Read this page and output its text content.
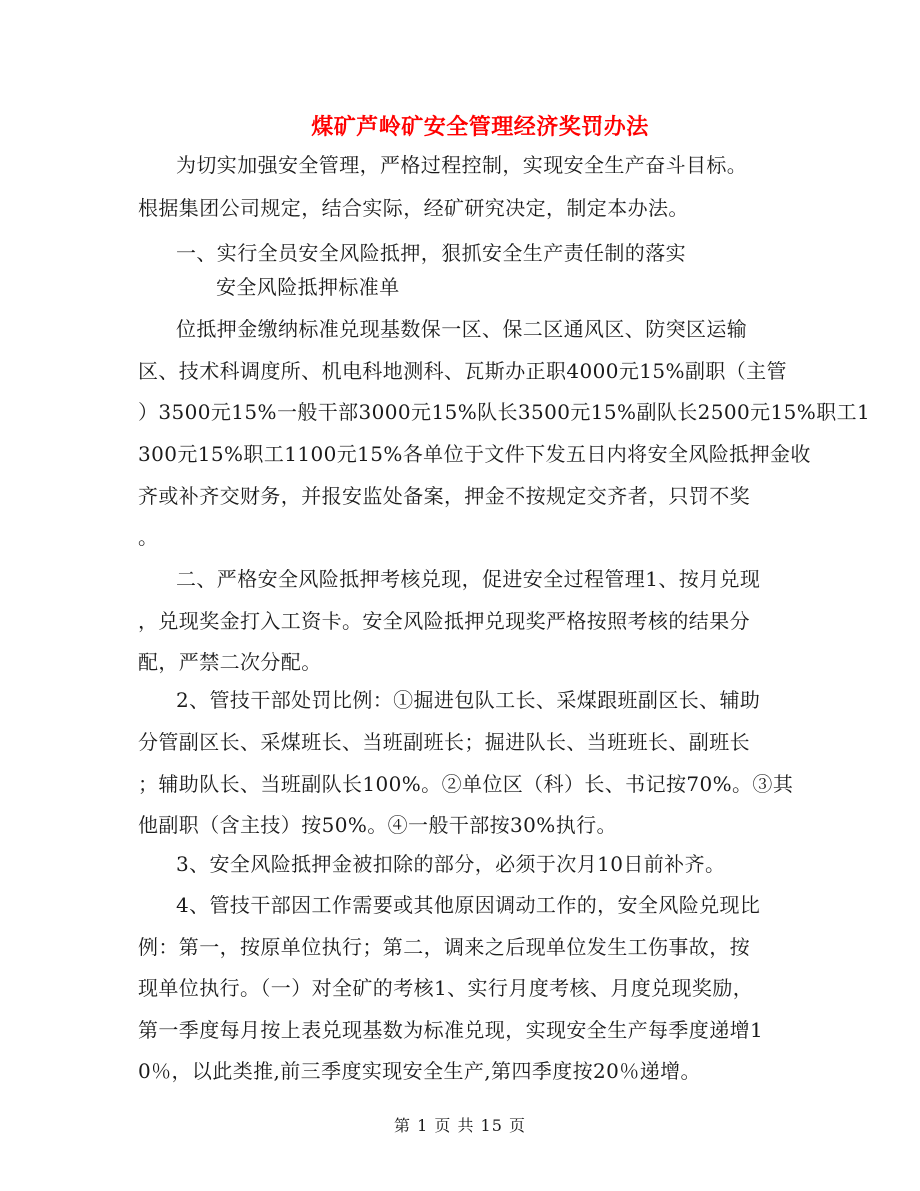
煤矿芦岭矿安全管理经济奖罚办法

为切实加强安全管理，严格过程控制，实现安全生产奋斗目标。

根据集团公司规定，结合实际，经矿研究决定，制定本办法。

一、实行全员安全风险抵押，狠抓安全生产责任制的落实

安全风险抵押标准单

位抵押金缴纳标准兑现基数保一区、保二区通风区、防突区运输

区、技术科调度所、机电科地测科、瓦斯办正职4000元15%副职（主管

）3500元15%一般干部3000元15%队长3500元15%副队长2500元15%职工1

300元15%职工1100元15%各单位于文件下发五日内将安全风险抵押金收

齐或补齐交财务，并报安监处备案，押金不按规定交齐者，只罚不奖

。

二、严格安全风险抵押考核兑现，促进安全过程管理1、按月兑现

，兑现奖金打入工资卡。安全风险抵押兑现奖严格按照考核的结果分

配，严禁二次分配。

2、管技干部处罚比例：①掘进包队工长、采煤跟班副区长、辅助

分管副区长、采煤班长、当班副班长；掘进队长、当班班长、副班长

；辅助队长、当班副队长100%。②单位区（科）长、书记按70%。③其

他副职（含主技）按50%。④一般干部按30%执行。

3、安全风险抵押金被扣除的部分，必须于次月10日前补齐。

4、管技干部因工作需要或其他原因调动工作的，安全风险兑现比

例：第一，按原单位执行；第二，调来之后现单位发生工伤事故，按

现单位执行。（一）对全矿的考核1、实行月度考核、月度兑现奖励，

第一季度每月按上表兑现基数为标准兑现，实现安全生产每季度递增1

0％，以此类推,前三季度实现安全生产,第四季度按20％递增。

第 1 页 共 15 页
